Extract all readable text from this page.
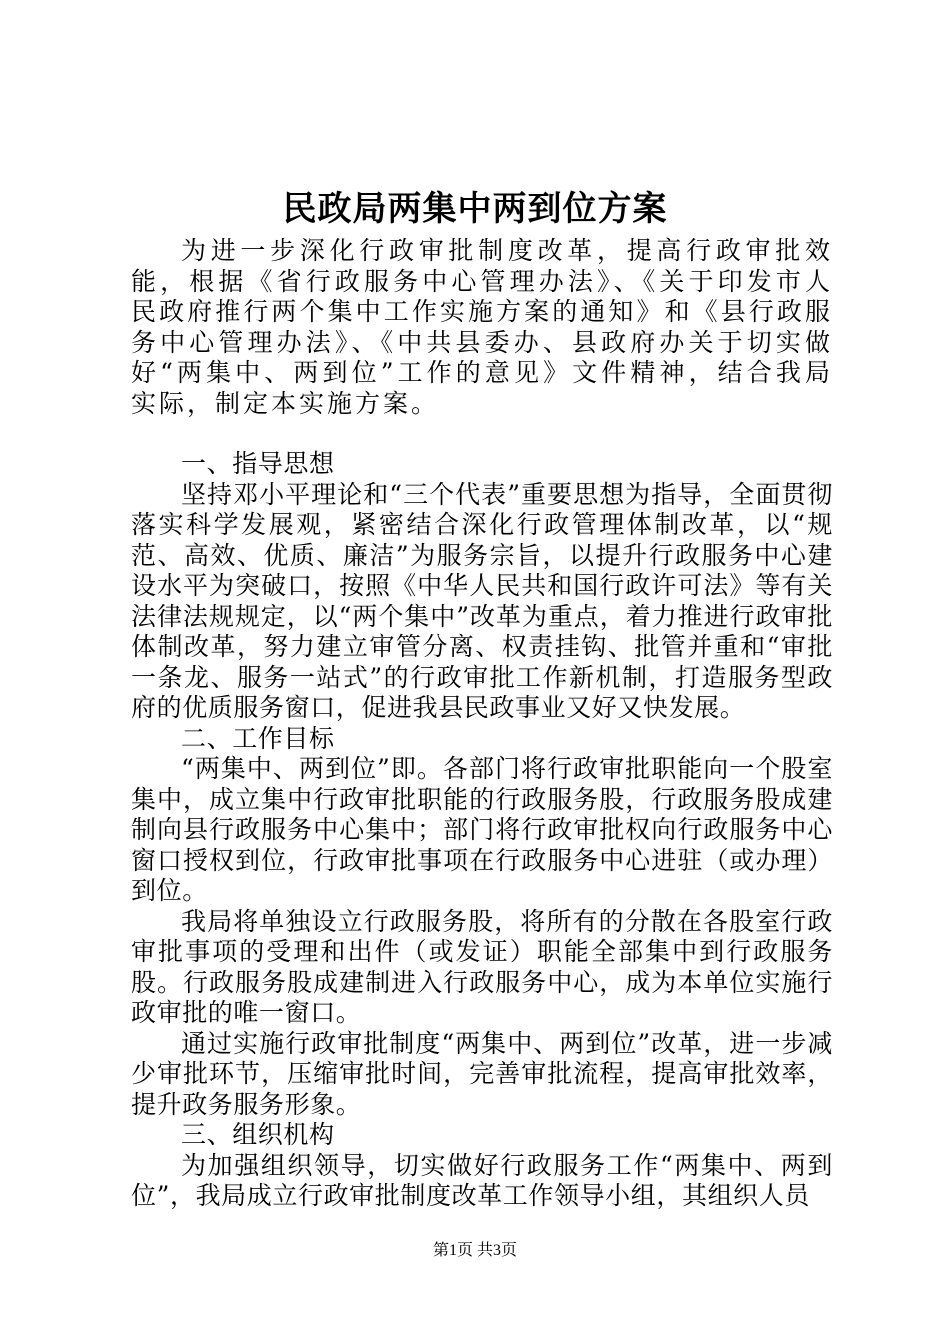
民政局两集中两到位方案

为进一步深化行政审批制度改革，提高行政审批效能，根据《省行政服务中心管理办法》、《关于印发市人民政府推行两个集中工作实施方案的通知》和《县行政服务中心管理办法》、《中共县委办、县政府办关于切实做好“两集中、两到位”工作的意见》文件精神，结合我局实际，制定本实施方案。

一、指导思想

坚持邓小平理论和“三个代表”重要思想为指导，全面贯彻落实科学发展观，紧密结合深化行政管理体制改革，以“规范、高效、优质、廉洁”为服务宗旨，以提升行政服务中心建设水平为突破口，按照《中华人民共和国行政许可法》等有关法律法规规定，以“两个集中”改革为重点，着力推进行政审批体制改革，努力建立审管分离、权责挂钩、批管并重和“审批一条龙、服务一站式”的行政审批工作新机制，打造服务型政府的优质服务窗口，促进我县民政事业又好又快发展。

二、工作目标

“两集中、两到位”即。各部门将行政审批职能向一个股室集中，成立集中行政审批职能的行政服务股，行政服务股成建制向县行政服务中心集中；部门将行政审批权向行政服务中心窗口授权到位，行政审批事项在行政服务中心进驻（或办理）到位。

我局将单独设立行政服务股，将所有的分散在各股室行政审批事项的受理和出件（或发证）职能全部集中到行政服务股。行政服务股成建制进入行政服务中心，成为本单位实施行政审批的唯一窗口。

通过实施行政审批制度“两集中、两到位”改革，进一步减少审批环节，压缩审批时间，完善审批流程，提高审批效率，提升政务服务形象。

三、组织机构

为加强组织领导，切实做好行政服务工作“两集中、两到位”，我局成立行政审批制度改革工作领导小组，其组织人员

第1页 共3页
